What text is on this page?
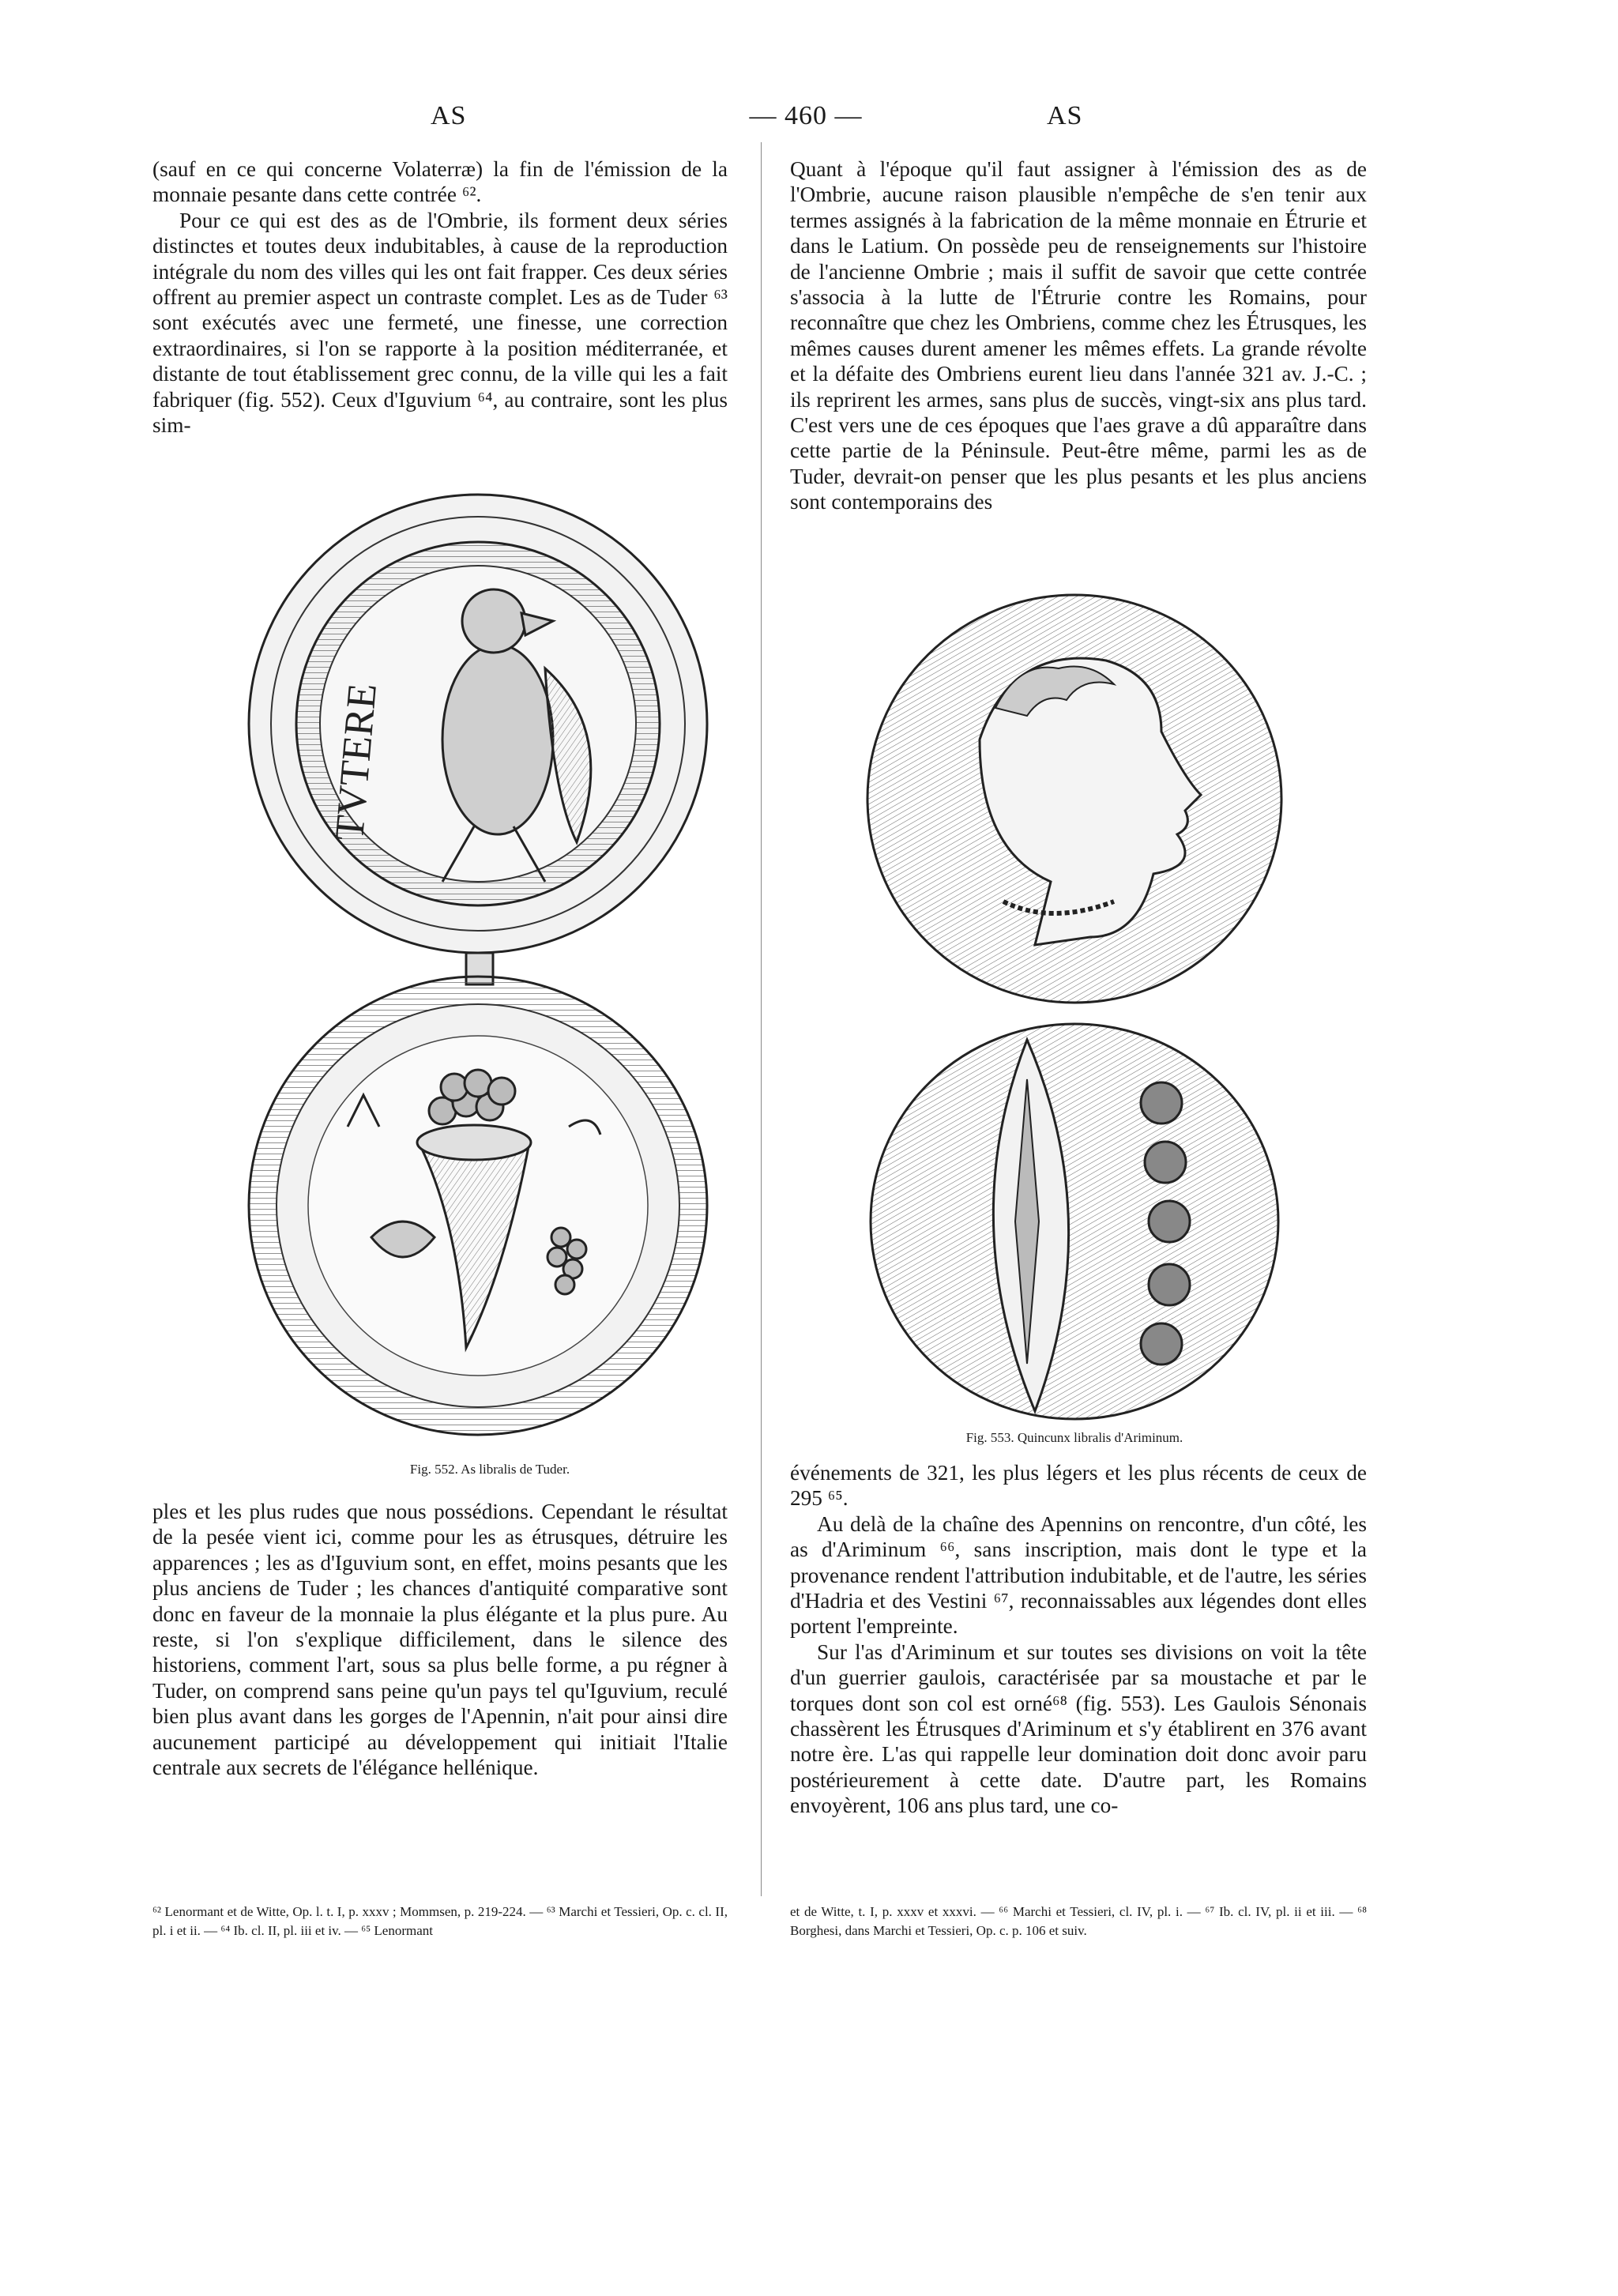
AS	— 460 —	AS

(sauf en ce qui concerne Volaterræ) la fin de l'émission de la monnaie pesante dans cette contrée ⁶².

Pour ce qui est des as de l'Ombrie, ils forment deux séries distinctes et toutes deux indubitables, à cause de la reproduction intégrale du nom des villes qui les ont fait frapper. Ces deux séries offrent au premier aspect un contraste complet. Les as de Tuder ⁶³ sont exécutés avec une fermeté, une finesse, une correction extraordinaires, si l'on se rapporte à la position méditerranée, et distante de tout établissement grec connu, de la ville qui les a fait fabriquer (fig. 552). Ceux d'Iguvium ⁶⁴, au contraire, sont les plus sim-

TVTERE
Fig. 552. As libralis de Tuder.

ples et les plus rudes que nous possédions. Cependant le résultat de la pesée vient ici, comme pour les as étrusques, détruire les apparences ; les as d'Iguvium sont, en effet, moins pesants que les plus anciens de Tuder ; les chances d'antiquité comparative sont donc en faveur de la monnaie la plus élégante et la plus pure. Au reste, si l'on s'explique difficilement, dans le silence des historiens, comment l'art, sous sa plus belle forme, a pu régner à Tuder, on comprend sans peine qu'un pays tel qu'Iguvium, reculé bien plus avant dans les gorges de l'Apennin, n'ait pour ainsi dire aucunement participé au développement qui initiait l'Italie centrale aux secrets de l'élégance hellénique.

Quant à l'époque qu'il faut assigner à l'émission des as de l'Ombrie, aucune raison plausible n'empêche de s'en tenir aux termes assignés à la fabrication de la même monnaie en Étrurie et dans le Latium. On possède peu de renseignements sur l'histoire de l'ancienne Ombrie ; mais il suffit de savoir que cette contrée s'associa à la lutte de l'Étrurie contre les Romains, pour reconnaître que chez les Ombriens, comme chez les Étrusques, les mêmes causes durent amener les mêmes effets. La grande révolte et la défaite des Ombriens eurent lieu dans l'année 321 av. J.-C. ; ils reprirent les armes, sans plus de succès, vingt-six ans plus tard. C'est vers une de ces époques que l'aes grave a dû apparaître dans cette partie de la Péninsule. Peut-être même, parmi les as de Tuder, devrait-on penser que les plus pesants et les plus anciens sont contemporains des

Fig. 553. Quincunx libralis d'Ariminum.

événements de 321, les plus légers et les plus récents de ceux de 295 ⁶⁵.

Au delà de la chaîne des Apennins on rencontre, d'un côté, les as d'Ariminum ⁶⁶, sans inscription, mais dont le type et la provenance rendent l'attribution indubitable, et de l'autre, les séries d'Hadria et des Vestini ⁶⁷, reconnaissables aux légendes dont elles portent l'empreinte.

Sur l'as d'Ariminum et sur toutes ses divisions on voit la tête d'un guerrier gaulois, caractérisée par sa moustache et par le torques dont son col est orné⁶⁸ (fig. 553). Les Gaulois Sénonais chassèrent les Étrusques d'Ariminum et s'y établirent en 376 avant notre ère. L'as qui rappelle leur domination doit donc avoir paru postérieurement à cette date. D'autre part, les Romains envoyèrent, 106 ans plus tard, une co-

⁶² Lenormant et de Witte, Op. l. t. I, p. xxxv ; Mommsen, p. 219-224. — ⁶³ Marchi et Tessieri, Op. c. cl. II, pl. i et ii. — ⁶⁴ Ib. cl. II, pl. iii et iv. — ⁶⁵ Lenormant

et de Witte, t. I, p. xxxv et xxxvi. — ⁶⁶ Marchi et Tessieri, cl. IV, pl. i. — ⁶⁷ Ib. cl. IV, pl. ii et iii. — ⁶⁸ Borghesi, dans Marchi et Tessieri, Op. c. p. 106 et suiv.
